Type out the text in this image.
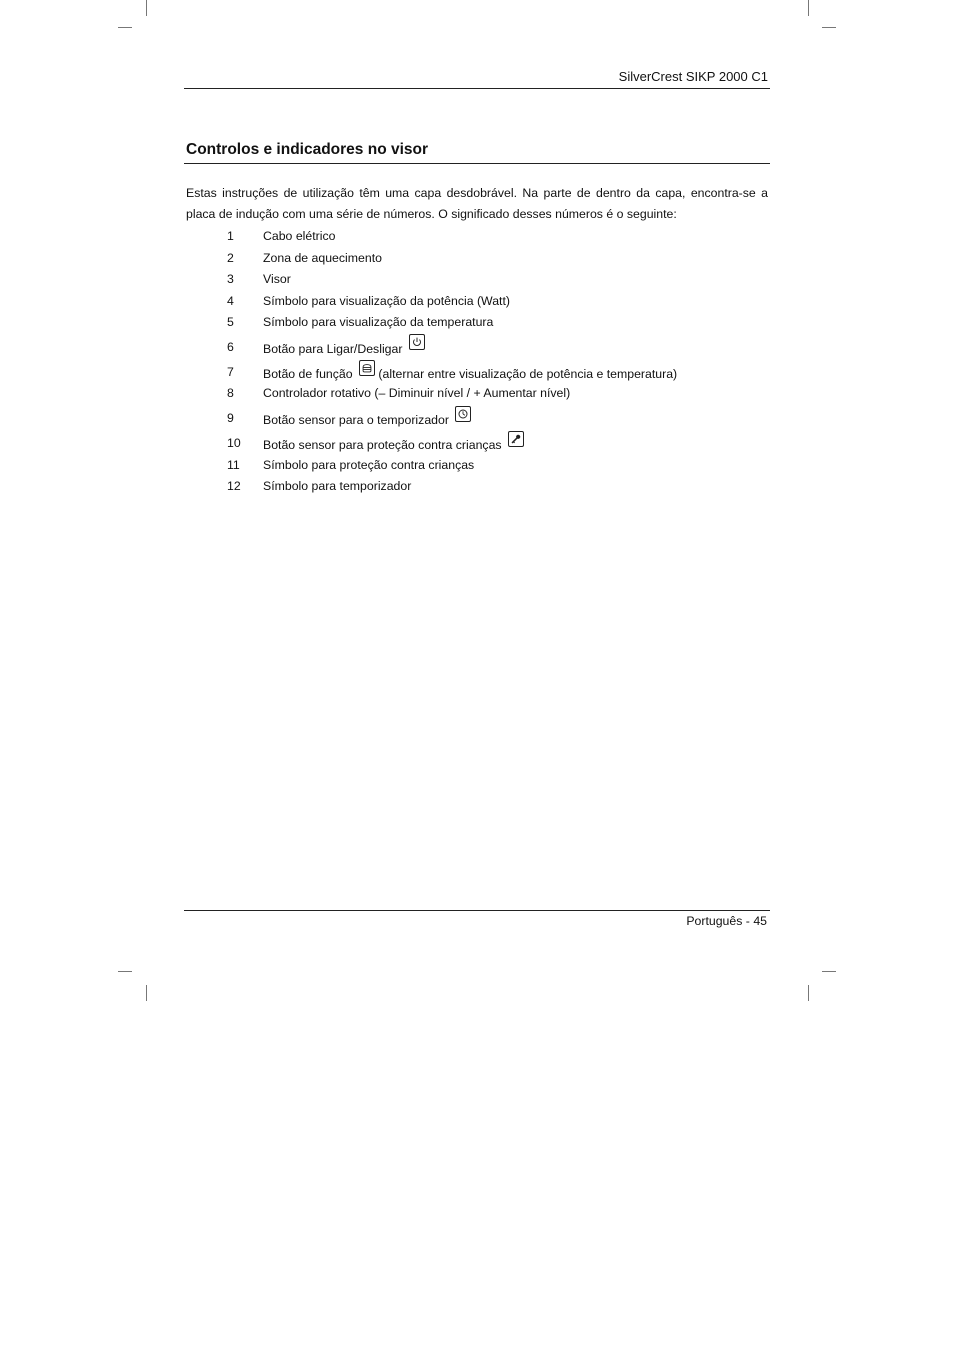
SilverCrest SIKP 2000 C1
Controlos e indicadores no visor

Estas instruções de utilização têm uma capa desdobrável. Na parte de dentro da capa, encontra-se a placa de indução com uma série de números. O significado desses números é o seguinte:

1 Cabo elétrico
2 Zona de aquecimento
3 Visor
4 Símbolo para visualização da potência (Watt)
5 Símbolo para visualização da temperatura
6 Botão para Ligar/Desligar
7 Botão de função (alternar entre visualização de potência e temperatura)
8 Controlador rotativo (– Diminuir nível / + Aumentar nível)
9 Botão sensor para o temporizador
10 Botão sensor para proteção contra crianças
11 Símbolo para proteção contra crianças
12 Símbolo para temporizador
Português - 45
